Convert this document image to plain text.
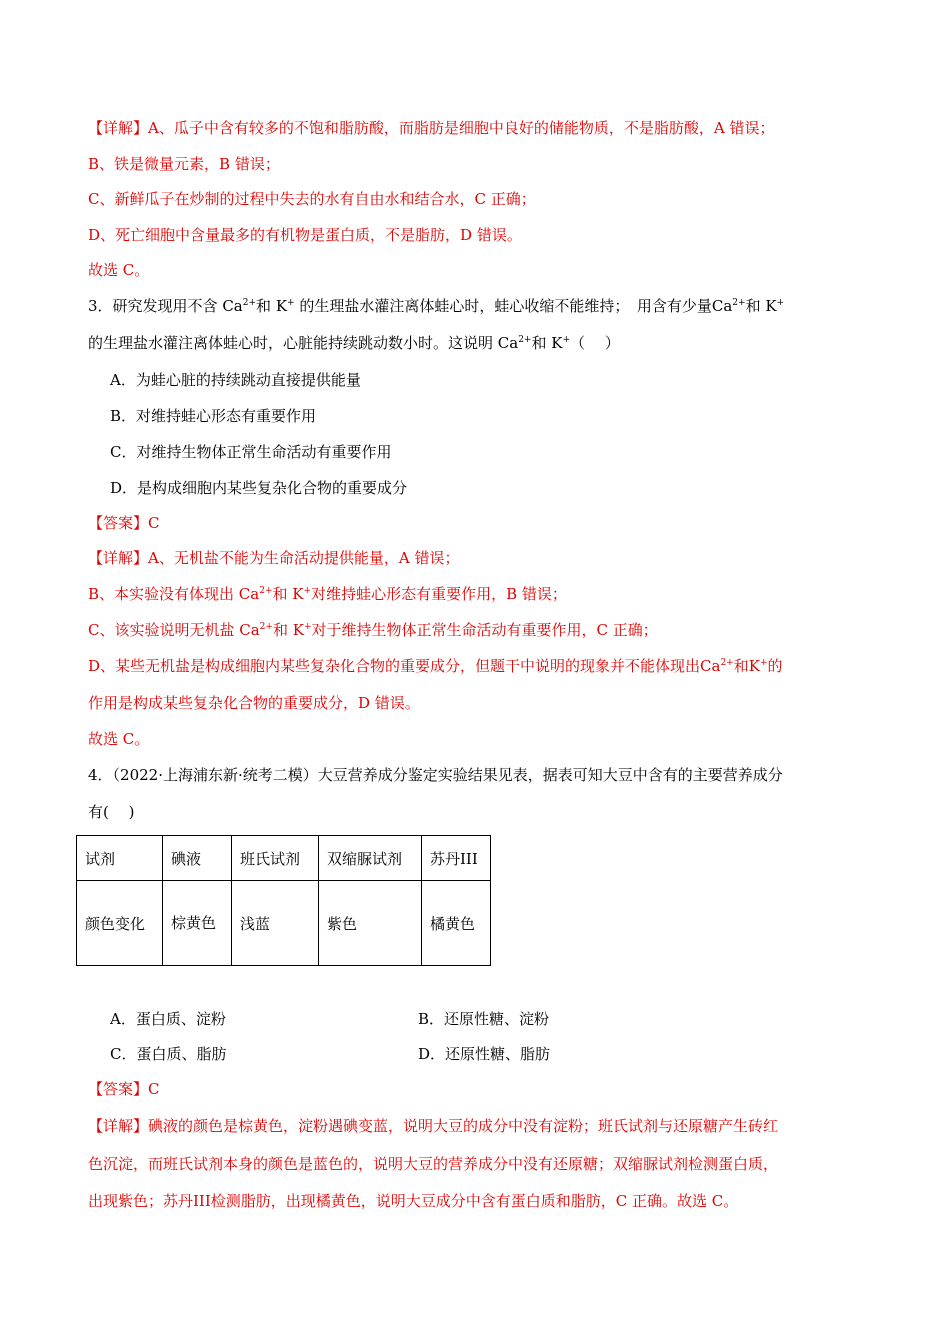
【详解】A、瓜子中含有较多的不饱和脂肪酸，而脂肪是细胞中良好的储能物质，不是脂肪酸，A 错误；
B、铁是微量元素，B 错误；
C、新鲜瓜子在炒制的过程中失去的水有自由水和结合水，C 正确；
D、死亡细胞中含量最多的有机物是蛋白质，不是脂肪，D 错误。
故选 C。
3．研究发现用不含 $Ca^{2+}$和 K+ 的生理盐水灌注离体蛙心时，蛙心收缩不能维持；　用含有少量$Ca^{2+}$和 K+
的生理盐水灌注离体蛙心时，心脏能持续跳动数小时。这说明 $Ca^{2+}$和 K+（　 ）
A．为蛙心脏的持续跳动直接提供能量
B．对维持蛙心形态有重要作用
C．对维持生物体正常生命活动有重要作用
D．是构成细胞内某些复杂化合物的重要成分
【答案】C
【详解】A、无机盐不能为生命活动提供能量，A 错误；
B、本实验没有体现出 $Ca^{2+}$和 K+对维持蛙心形态有重要作用，B 错误；
C、该实验说明无机盐 $Ca^{2+}$和 K+对于维持生物体正常生命活动有重要作用，C 正确；
D、某些无机盐是构成细胞内某些复杂化合物的重要成分，但题干中说明的现象并不能体现出$Ca^{2+}$和K+的
作用是构成某些复杂化合物的重要成分，D 错误。
故选 C。
4．（2022·上海浦东新·统考二模）大豆营养成分鉴定实验结果见表，据表可知大豆中含有的主要营养成分
有(　 )
试剂	碘液	班氏试剂	双缩脲试剂	苏丹III
颜色变化	棕黄色	浅蓝	紫色	橘黄色
A．蛋白质、淀粉	B．还原性糖、淀粉
C．蛋白质、脂肪	D．还原性糖、脂肪
【答案】C
【详解】碘液的颜色是棕黄色，淀粉遇碘变蓝，说明大豆的成分中没有淀粉；班氏试剂与还原糖产生砖红
色沉淀，而班氏试剂本身的颜色是蓝色的，说明大豆的营养成分中没有还原糖；双缩脲试剂检测蛋白质，
出现紫色；苏丹III检测脂肪，出现橘黄色，说明大豆成分中含有蛋白质和脂肪，C 正确。故选 C。
